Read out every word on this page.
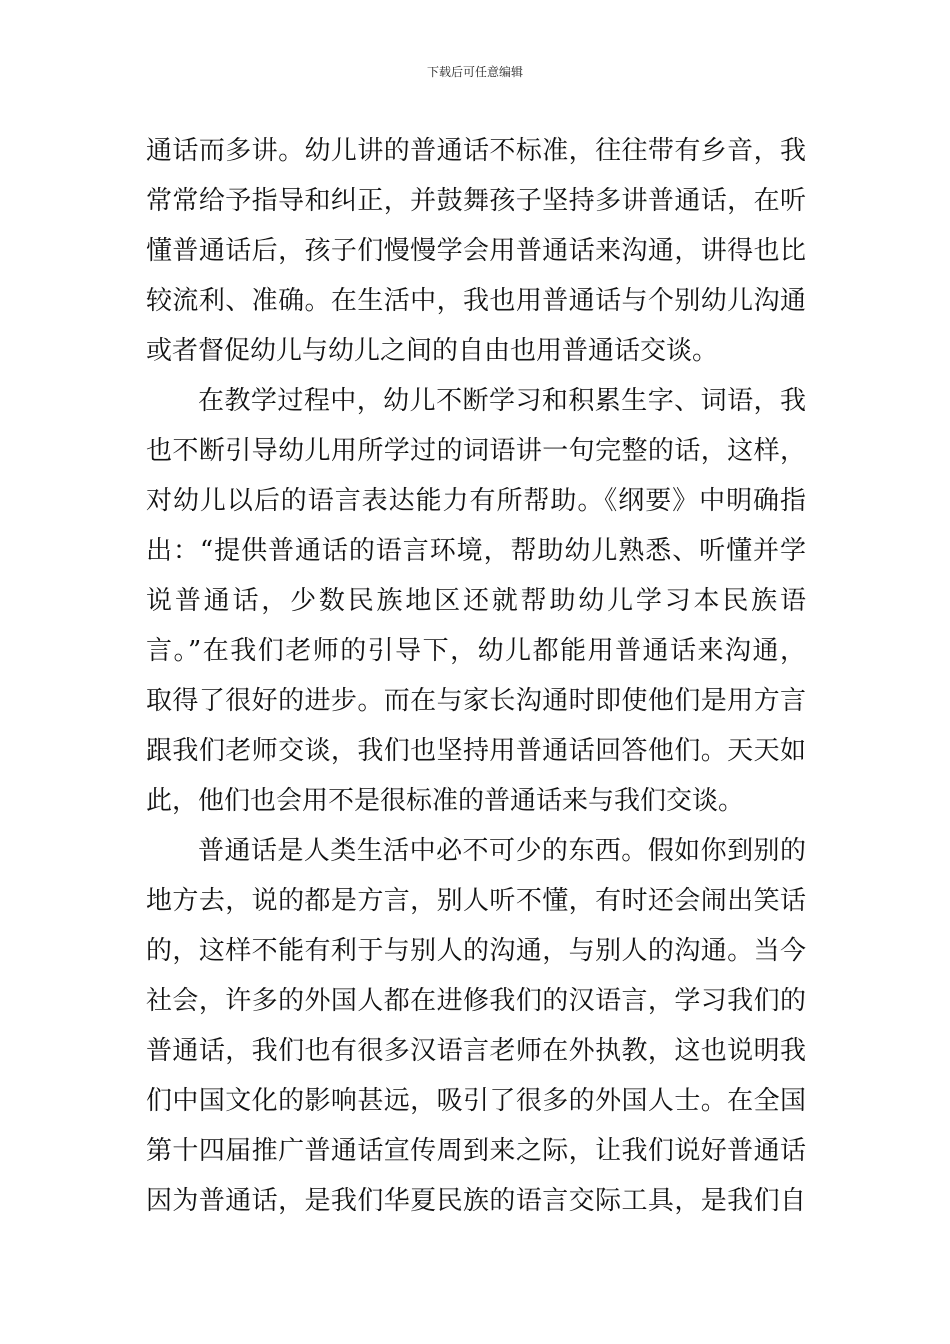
下载后可任意编辑
通话而多讲。幼儿讲的普通话不标准，往往带有乡音，我
常常给予指导和纠正，并鼓舞孩子坚持多讲普通话，在听
懂普通话后，孩子们慢慢学会用普通话来沟通，讲得也比
较流利、准确。在生活中，我也用普通话与个别幼儿沟通
或者督促幼儿与幼儿之间的自由也用普通话交谈。
在教学过程中，幼儿不断学习和积累生字、词语，我
也不断引导幼儿用所学过的词语讲一句完整的话，这样，
对幼儿以后的语言表达能力有所帮助。《纲要》中明确指
出：“提供普通话的语言环境，帮助幼儿熟悉、听懂并学
说普通话，少数民族地区还就帮助幼儿学习本民族语
言。”在我们老师的引导下，幼儿都能用普通话来沟通，
取得了很好的进步。而在与家长沟通时即使他们是用方言
跟我们老师交谈，我们也坚持用普通话回答他们。天天如
此，他们也会用不是很标准的普通话来与我们交谈。
普通话是人类生活中必不可少的东西。假如你到别的
地方去，说的都是方言，别人听不懂，有时还会闹出笑话
的，这样不能有利于与别人的沟通，与别人的沟通。当今
社会，许多的外国人都在进修我们的汉语言，学习我们的
普通话，我们也有很多汉语言老师在外执教，这也说明我
们中国文化的影响甚远，吸引了很多的外国人士。在全国
第十四届推广普通话宣传周到来之际，让我们说好普通话
因为普通话，是我们华夏民族的语言交际工具，是我们自
